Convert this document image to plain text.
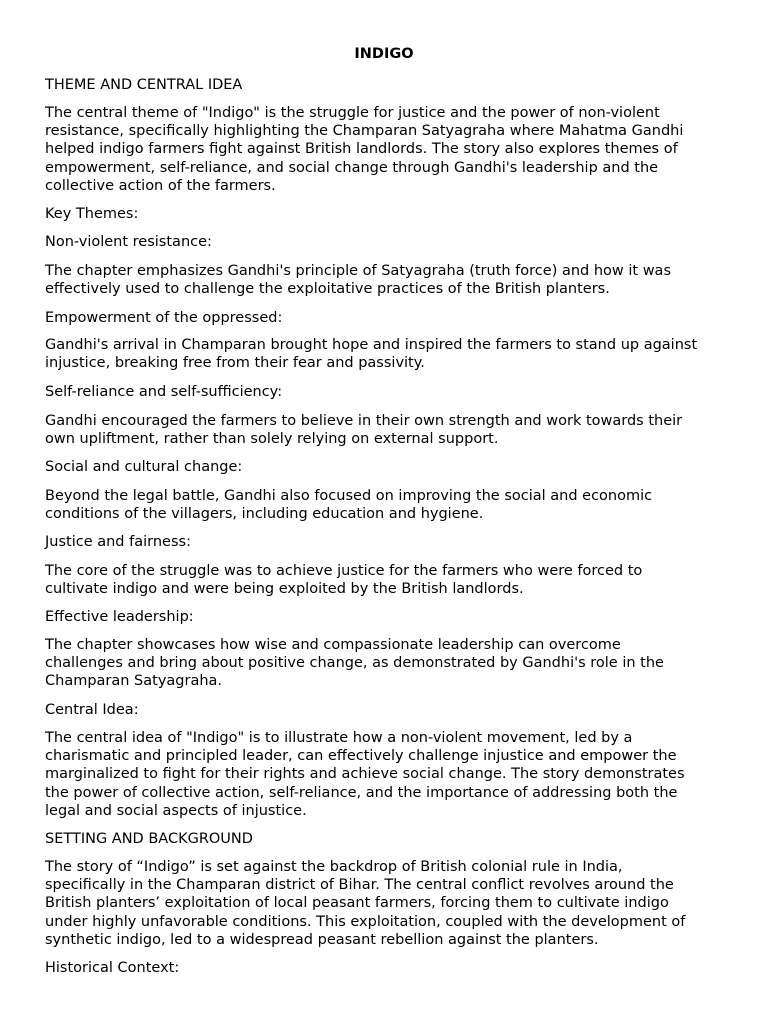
INDIGO
THEME AND CENTRAL IDEA
The central theme of "Indigo" is the struggle for justice and the power of non-violent
resistance, specifically highlighting the Champaran Satyagraha where Mahatma Gandhi
helped indigo farmers fight against British landlords. The story also explores themes of
empowerment, self-reliance, and social change through Gandhi's leadership and the
collective action of the farmers.
Key Themes:
Non-violent resistance:
The chapter emphasizes Gandhi's principle of Satyagraha (truth force) and how it was
effectively used to challenge the exploitative practices of the British planters.
Empowerment of the oppressed:
Gandhi's arrival in Champaran brought hope and inspired the farmers to stand up against
injustice, breaking free from their fear and passivity.
Self-reliance and self-sufficiency:
Gandhi encouraged the farmers to believe in their own strength and work towards their
own upliftment, rather than solely relying on external support.
Social and cultural change:
Beyond the legal battle, Gandhi also focused on improving the social and economic
conditions of the villagers, including education and hygiene.
Justice and fairness:
The core of the struggle was to achieve justice for the farmers who were forced to
cultivate indigo and were being exploited by the British landlords.
Effective leadership:
The chapter showcases how wise and compassionate leadership can overcome
challenges and bring about positive change, as demonstrated by Gandhi's role in the
Champaran Satyagraha.
Central Idea:
The central idea of "Indigo" is to illustrate how a non-violent movement, led by a
charismatic and principled leader, can effectively challenge injustice and empower the
marginalized to fight for their rights and achieve social change. The story demonstrates
the power of collective action, self-reliance, and the importance of addressing both the
legal and social aspects of injustice.
SETTING AND BACKGROUND
The story of “Indigo” is set against the backdrop of British colonial rule in India,
specifically in the Champaran district of Bihar. The central conflict revolves around the
British planters’ exploitation of local peasant farmers, forcing them to cultivate indigo
under highly unfavorable conditions. This exploitation, coupled with the development of
synthetic indigo, led to a widespread peasant rebellion against the planters.
Historical Context:
